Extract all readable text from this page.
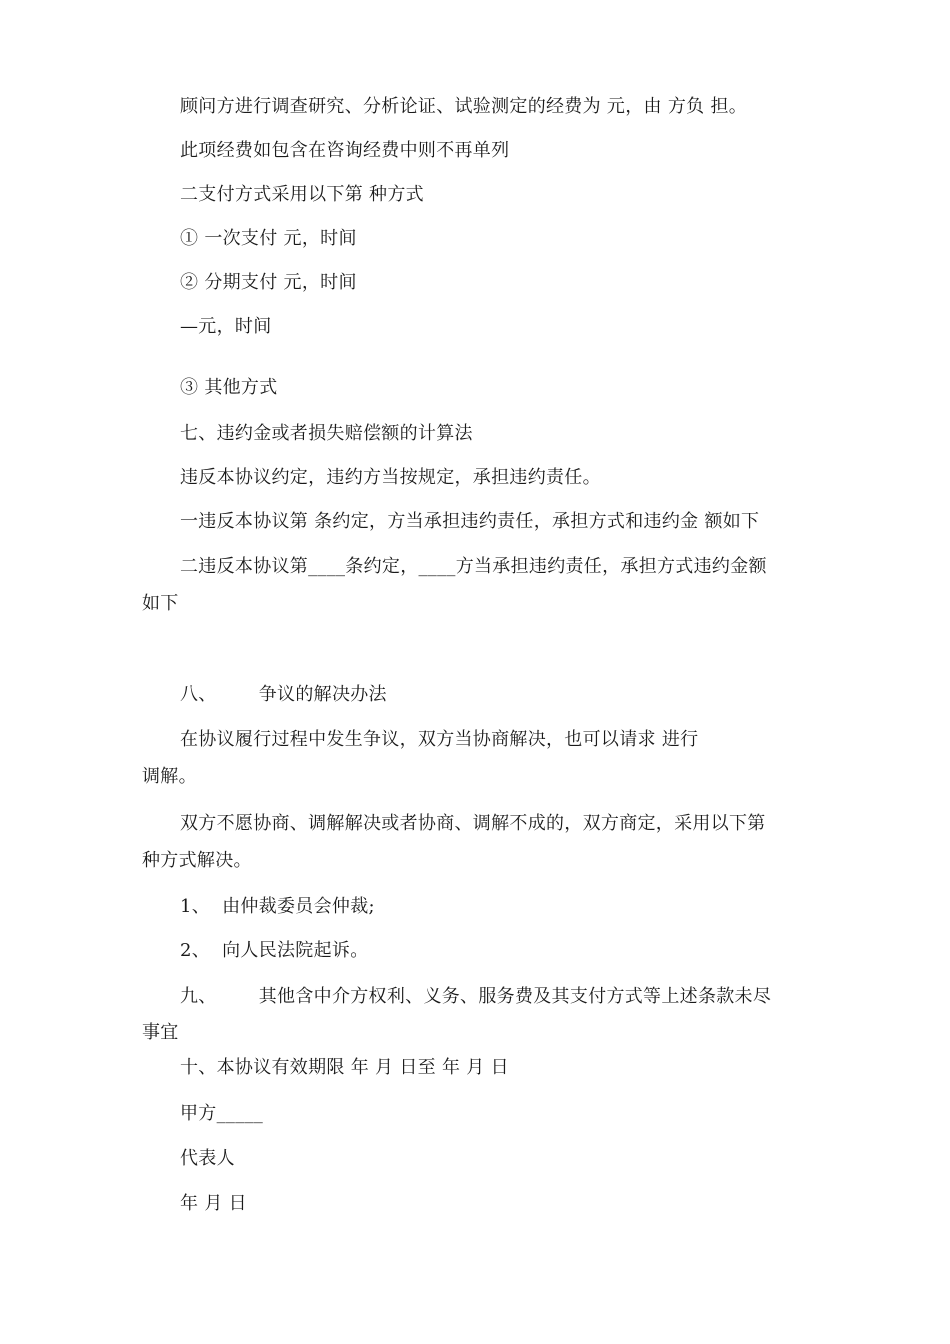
顾问方进行调查研究、分析论证、试验测定的经费为 元，由 方负 担。
此项经费如包含在咨询经费中则不再单列
二支付方式采用以下第 种方式
① 一次支付 元，时间
② 分期支付 元，时间
—元，时间
③ 其他方式
七、违约金或者损失赔偿额的计算法
违反本协议约定，违约方当按规定，承担违约责任。
一违反本协议第 条约定，方当承担违约责任，承担方式和违约金 额如下
二违反本协议第____条约定，____方当承担违约责任，承担方式违约金额
如下
八、       争议的解决办法
在协议履行过程中发生争议，双方当协商解决，也可以请求 进行
调解。
双方不愿协商、调解解决或者协商、调解不成的，双方商定，采用以下第
种方式解决。
1、  由仲裁委员会仲裁;
2、  向人民法院起诉。
九、       其他含中介方权利、义务、服务费及其支付方式等上述条款未尽
事宜
十、本协议有效期限 年 月 日至 年 月 日
甲方_____
代表人
年 月 日
